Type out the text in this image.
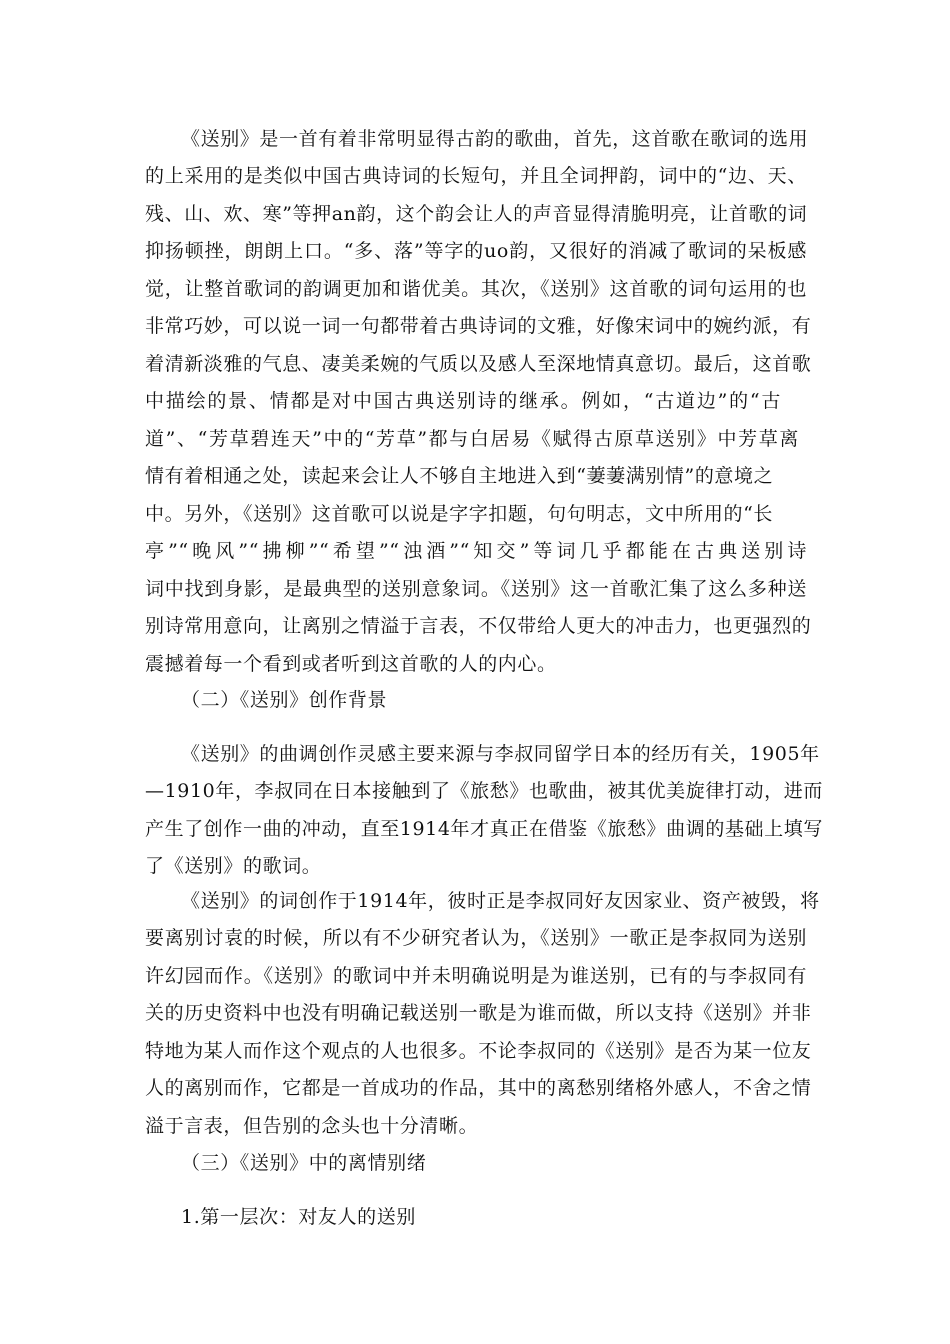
《送别》是一首有着非常明显得古韵的歌曲，首先，这首歌在歌词的选用
的上采用的是类似中国古典诗词的长短句，并且全词押韵，词中的“边、天、
残、山、欢、寒”等押an韵，这个韵会让人的声音显得清脆明亮，让首歌的词
抑扬顿挫，朗朗上口。“多、落”等字的uo韵，又很好的消减了歌词的呆板感
觉，让整首歌词的韵调更加和谐优美。其次，《送别》这首歌的词句运用的也
非常巧妙，可以说一词一句都带着古典诗词的文雅，好像宋词中的婉约派，有
着清新淡雅的气息、凄美柔婉的气质以及感人至深地情真意切。最后，这首歌
中描绘的景、情都是对中国古典送别诗的继承。例如，“古道边”的“古
道”、“芳草碧连天”中的“芳草”都与白居易《赋得古原草送别》中芳草离
情有着相通之处，读起来会让人不够自主地进入到“萋萋满别情”的意境之
中。另外，《送别》这首歌可以说是字字扣题，句句明志，文中所用的“长
亭”“晚风”“拂柳”“希望”“浊酒”“知交”等词几乎都能在古典送别诗
词中找到身影，是最典型的送别意象词。《送别》这一首歌汇集了这么多种送
别诗常用意向，让离别之情溢于言表，不仅带给人更大的冲击力，也更强烈的
震撼着每一个看到或者听到这首歌的人的内心。
（二）《送别》创作背景
《送别》的曲调创作灵感主要来源与李叔同留学日本的经历有关，1905年
—1910年，李叔同在日本接触到了《旅愁》也歌曲，被其优美旋律打动，进而
产生了创作一曲的冲动，直至1914年才真正在借鉴《旅愁》曲调的基础上填写
了《送别》的歌词。
《送别》的词创作于1914年，彼时正是李叔同好友因家业、资产被毁，将
要离别讨袁的时候，所以有不少研究者认为，《送别》一歌正是李叔同为送别
许幻园而作。《送别》的歌词中并未明确说明是为谁送别，已有的与李叔同有
关的历史资料中也没有明确记载送别一歌是为谁而做，所以支持《送别》并非
特地为某人而作这个观点的人也很多。不论李叔同的《送别》是否为某一位友
人的离别而作，它都是一首成功的作品，其中的离愁别绪格外感人，不舍之情
溢于言表，但告别的念头也十分清晰。
（三）《送别》中的离情别绪
1.第一层次：对友人的送别
